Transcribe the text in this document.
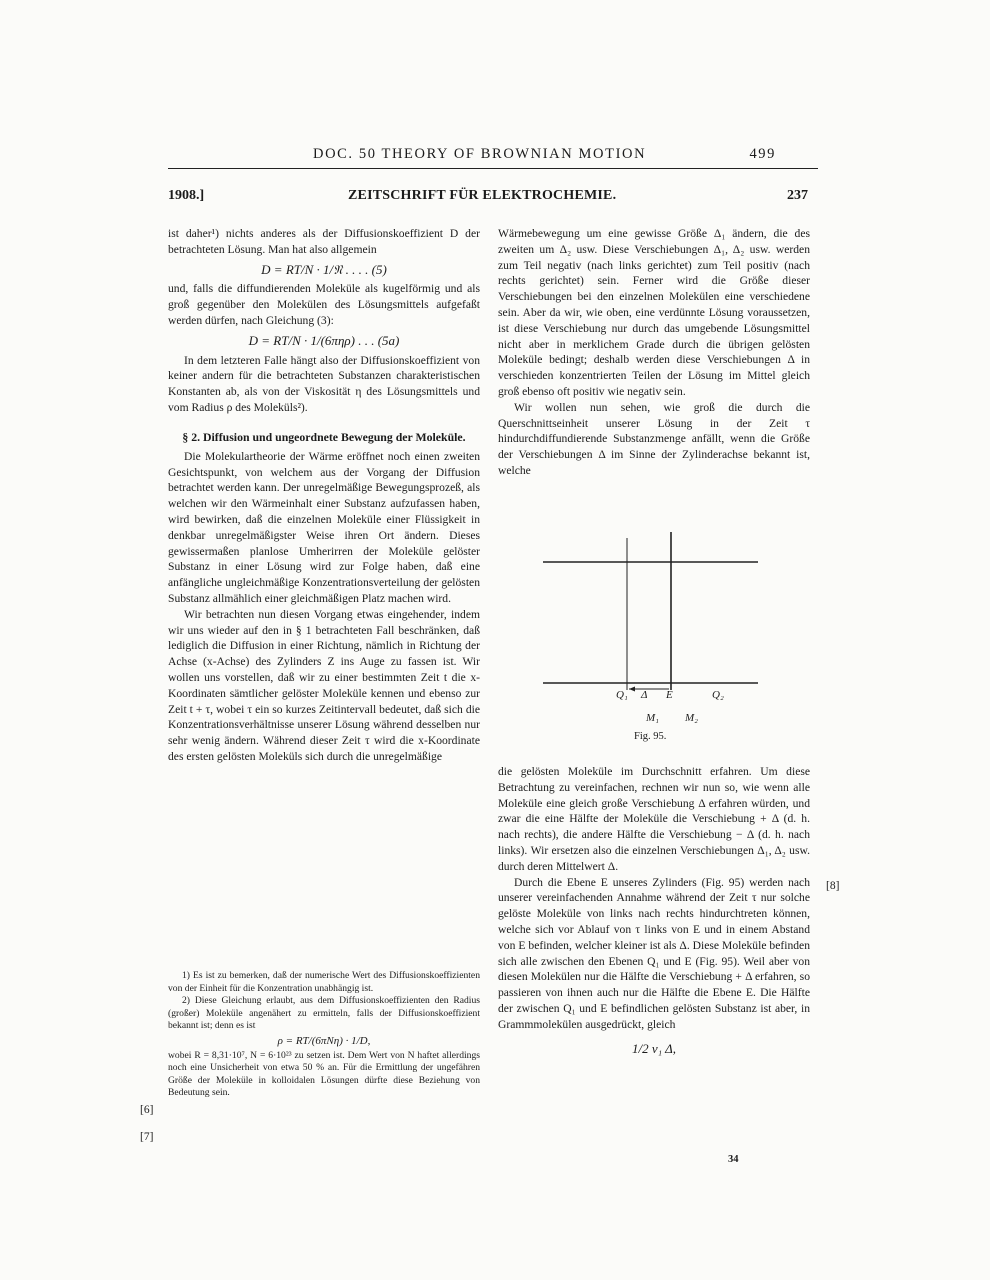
DOC. 50 THEORY OF BROWNIAN MOTION	499
1908.]	ZEITSCHRIFT FÜR ELEKTROCHEMIE.	237

ist daher¹) nichts anderes als der Diffusionskoeffizient D der betrachteten Lösung. Man hat also allgemein

D = RT/N · 1/𝔑 . . . . (5)

und, falls die diffundierenden Moleküle als kugelförmig und als groß gegenüber den Molekülen des Lösungsmittels aufgefaßt werden dürfen, nach Gleichung (3):

D = RT/N · 1/(6πηρ) . . . (5a)

In dem letzteren Falle hängt also der Diffusionskoeffizient von keiner andern für die betrachteten Substanzen charakteristischen Konstanten ab, als von der Viskosität η des Lösungsmittels und vom Radius ρ des Moleküls²).

§ 2. Diffusion und ungeordnete Bewegung der Moleküle.

Die Molekulartheorie der Wärme eröffnet noch einen zweiten Gesichtspunkt, von welchem aus der Vorgang der Diffusion betrachtet werden kann. Der unregelmäßige Bewegungsprozeß, als welchen wir den Wärmeinhalt einer Substanz aufzufassen haben, wird bewirken, daß die einzelnen Moleküle einer Flüssigkeit in denkbar unregelmäßigster Weise ihren Ort ändern. Dieses gewissermaßen planlose Umherirren der Moleküle gelöster Substanz in einer Lösung wird zur Folge haben, daß eine anfängliche ungleichmäßige Konzentrationsverteilung der gelösten Substanz allmählich einer gleichmäßigen Platz machen wird.

Wir betrachten nun diesen Vorgang etwas eingehender, indem wir uns wieder auf den in § 1 betrachteten Fall beschränken, daß lediglich die Diffusion in einer Richtung, nämlich in Richtung der Achse (x-Achse) des Zylinders Z ins Auge zu fassen ist. Wir wollen uns vorstellen, daß wir zu einer bestimmten Zeit t die x-Koordinaten sämtlicher gelöster Moleküle kennen und ebenso zur Zeit t + τ, wobei τ ein so kurzes Zeitintervall bedeutet, daß sich die Konzentrationsverhältnisse unserer Lösung während desselben nur sehr wenig ändern. Während dieser Zeit τ wird die x-Koordinate des ersten gelösten Moleküls sich durch die unregelmäßige

1) Es ist zu bemerken, daß der numerische Wert des Diffusionskoeffizienten von der Einheit für die Konzentration unabhängig ist.

2) Diese Gleichung erlaubt, aus dem Diffusionskoeffizienten den Radius (großer) Moleküle angenähert zu ermitteln, falls der Diffusionskoeffizient bekannt ist; denn es ist

ρ = RT/(6πNη) · 1/D,

wobei R = 8,31·10⁷, N = 6·10²³ zu setzen ist. Dem Wert von N haftet allerdings noch eine Unsicherheit von etwa 50 % an. Für die Ermittlung der ungefähren Größe der Moleküle in kolloidalen Lösungen dürfte diese Beziehung von Bedeutung sein.

[6]
[7]

Wärmebewegung um eine gewisse Größe Δ₁ ändern, die des zweiten um Δ₂ usw. Diese Verschiebungen Δ₁, Δ₂ usw. werden zum Teil negativ (nach links gerichtet) zum Teil positiv (nach rechts gerichtet) sein. Ferner wird die Größe dieser Verschiebungen bei den einzelnen Molekülen eine verschiedene sein. Aber da wir, wie oben, eine verdünnte Lösung voraussetzen, ist diese Verschiebung nur durch das umgebende Lösungsmittel nicht aber in merklichem Grade durch die übrigen gelösten Moleküle bedingt; deshalb werden diese Verschiebungen Δ in verschieden konzentrierten Teilen der Lösung im Mittel gleich groß ebenso oft positiv wie negativ sein.

Wir wollen nun sehen, wie groß die durch die Querschnittseinheit unserer Lösung in der Zeit τ hindurchdiffundierende Substanzmenge anfällt, wenn die Größe der Verschiebungen Δ im Sinne der Zylinderachse bekannt ist, welche

Q₁ Δ E	Q₂
M₁ M₂
Fig. 95.

die gelösten Moleküle im Durchschnitt erfahren. Um diese Betrachtung zu vereinfachen, rechnen wir nun so, wie wenn alle Moleküle eine gleich große Verschiebung Δ erfahren würden, und zwar die eine Hälfte der Moleküle die Verschiebung + Δ (d. h. nach rechts), die andere Hälfte die Verschiebung − Δ (d. h. nach links). Wir ersetzen also die einzelnen Verschiebungen Δ₁, Δ₂ usw. durch deren Mittelwert Δ.

Durch die Ebene E unseres Zylinders (Fig. 95) werden nach unserer vereinfachenden Annahme während der Zeit τ nur solche gelöste Moleküle von links nach rechts hindurchtreten können, welche sich vor Ablauf von τ links von E und in einem Abstand von E befinden, welcher kleiner ist als Δ. Diese Moleküle befinden sich alle zwischen den Ebenen Q₁ und E (Fig. 95). Weil aber von diesen Molekülen nur die Hälfte die Verschiebung + Δ erfahren, so passieren von ihnen auch nur die Hälfte die Ebene E. Die Hälfte der zwischen Q₁ und E befindlichen gelösten Substanz ist aber, in Grammmolekülen ausgedrückt, gleich

1/2 ν₁ Δ,
[8]
34
